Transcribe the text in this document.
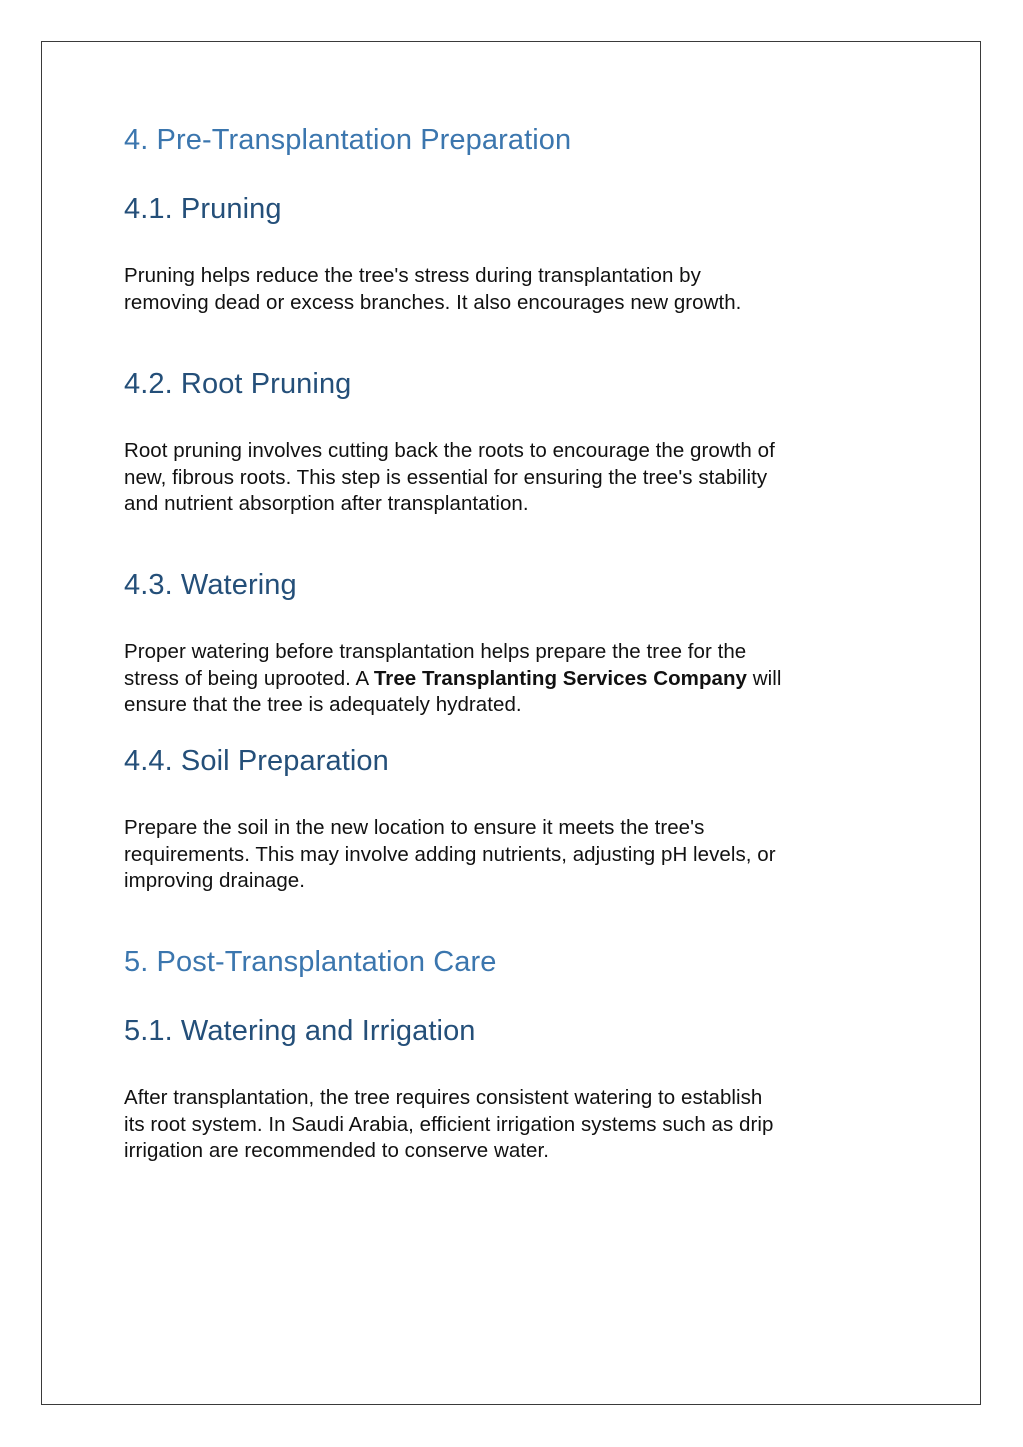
4. Pre-Transplantation Preparation
4.1. Pruning

Pruning helps reduce the tree's stress during transplantation by
removing dead or excess branches. It also encourages new growth.

4.2. Root Pruning

Root pruning involves cutting back the roots to encourage the growth of
new, fibrous roots. This step is essential for ensuring the tree's stability
and nutrient absorption after transplantation.

4.3. Watering

Proper watering before transplantation helps prepare the tree for the
stress of being uprooted. A Tree Transplanting Services Company will
ensure that the tree is adequately hydrated.

4.4. Soil Preparation

Prepare the soil in the new location to ensure it meets the tree's
requirements. This may involve adding nutrients, adjusting pH levels, or
improving drainage.

5. Post-Transplantation Care
5.1. Watering and Irrigation

After transplantation, the tree requires consistent watering to establish
its root system. In Saudi Arabia, efficient irrigation systems such as drip
irrigation are recommended to conserve water.
